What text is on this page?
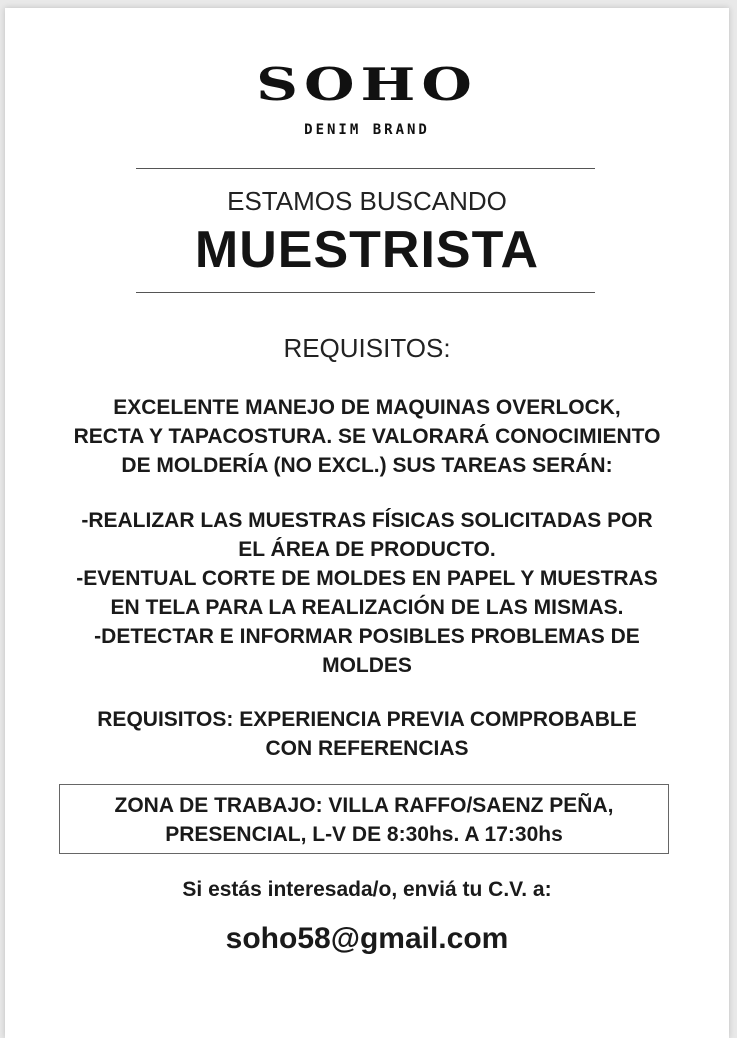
SOHO
DENIM BRAND
ESTAMOS BUSCANDO
MUESTRISTA
REQUISITOS:
EXCELENTE MANEJO DE MAQUINAS OVERLOCK,
RECTA Y TAPACOSTURA. SE VALORARÁ CONOCIMIENTO
DE MOLDERÍA (NO EXCL.) SUS TAREAS SERÁN:
-REALIZAR LAS MUESTRAS FÍSICAS SOLICITADAS POR
EL ÁREA DE PRODUCTO.
-EVENTUAL CORTE DE MOLDES EN PAPEL Y MUESTRAS
EN TELA PARA LA REALIZACIÓN DE LAS MISMAS.
-DETECTAR E INFORMAR POSIBLES PROBLEMAS DE
MOLDES
REQUISITOS: EXPERIENCIA PREVIA COMPROBABLE
CON REFERENCIAS
ZONA DE TRABAJO: VILLA RAFFO/SAENZ PEÑA,
PRESENCIAL, L-V DE 8:30hs. A 17:30hs
Si estás interesada/o, enviá tu C.V. a:
soho58@gmail.com
